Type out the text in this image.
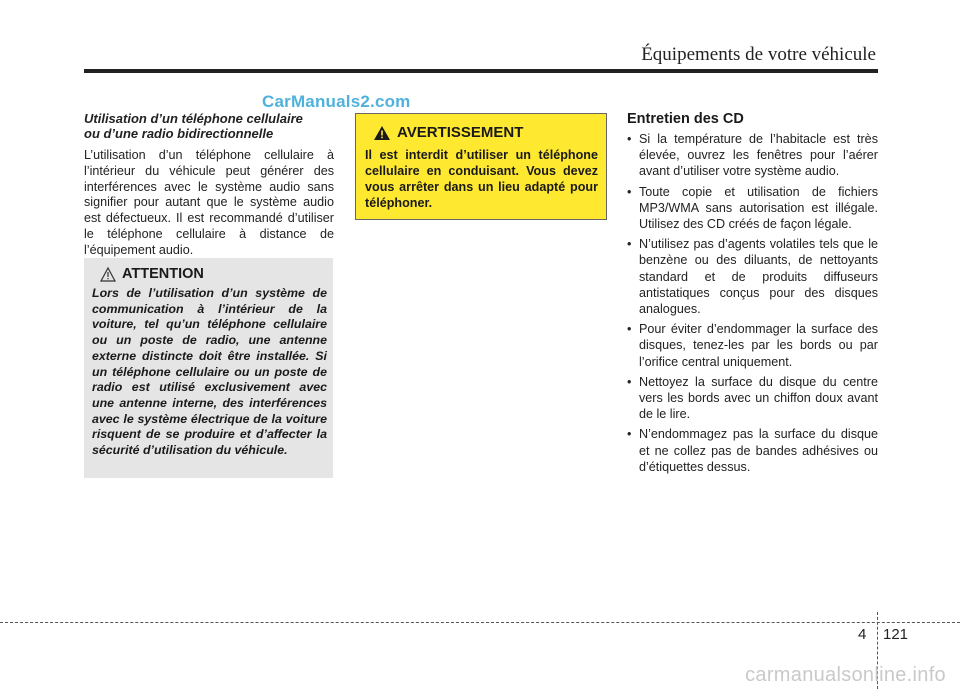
Équipements de votre véhicule
CarManuals2.com
Utilisation d’un téléphone cellulaire
ou d’une radio bidirectionnelle

L’utilisation d’un téléphone cellulaire à l’intérieur du véhicule peut générer des interférences avec le système audio sans signifier pour autant que le système audio est défectueux. Il est recommandé d’utiliser le téléphone cellulaire à distance de l’équipement audio.

ATTENTION

Lors de l’utilisation d’un système de communication à l’intérieur de la voiture, tel qu’un téléphone cellulaire ou un poste de radio, une antenne externe distincte doit être installée. Si un téléphone cellulaire ou un poste de radio est utilisé exclusivement avec une antenne interne, des interférences avec le système électrique de la voiture risquent de se produire et d’affecter la sécurité d’utilisation du véhicule.

AVERTISSEMENT

Il est interdit d’utiliser un téléphone cellulaire en conduisant. Vous devez vous arrêter dans un lieu adapté pour téléphoner.

Entretien des CD
• Si la température de l’habitacle est très élevée, ouvrez les fenêtres pour l’aérer avant d’utiliser votre système audio.
• Toute copie et utilisation de fichiers MP3/WMA sans autorisation est illégale. Utilisez des CD créés de façon légale.
• N’utilisez pas d’agents volatiles tels que le benzène ou des diluants, de nettoyants standard et de produits diffuseurs antistatiques conçus pour des disques analogues.
• Pour éviter d’endommager la surface des disques, tenez-les par les bords ou par l’orifice central uniquement.
• Nettoyez la surface du disque du centre vers les bords avec un chiffon doux avant de le lire.
• N’endommagez pas la surface du disque et ne collez pas de bandes adhésives ou d’étiquettes dessus.
4 121
carmanualsonline.info
